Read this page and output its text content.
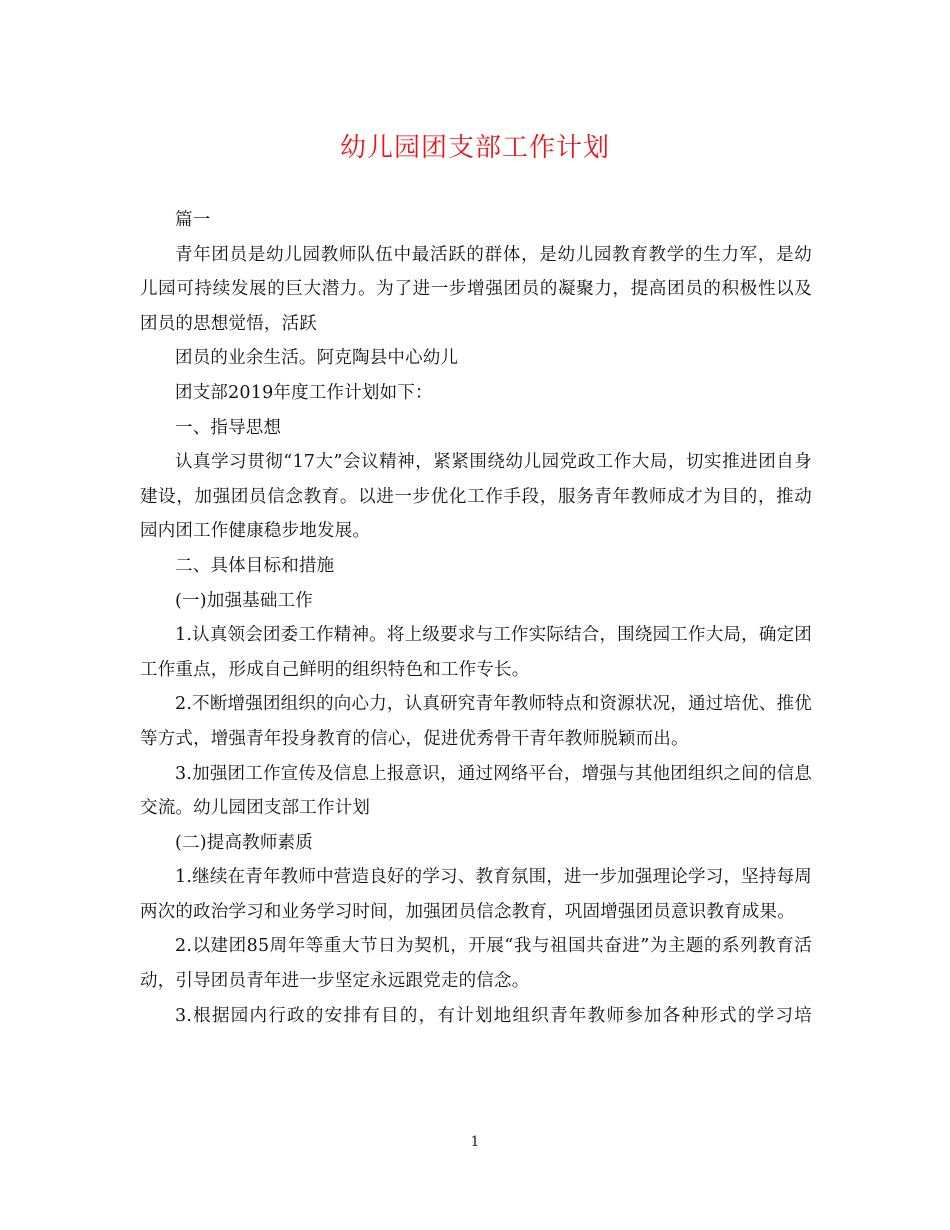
幼儿园团支部工作计划

篇一

青年团员是幼儿园教师队伍中最活跃的群体，是幼儿园教育教学的生力军，是幼儿园可持续发展的巨大潜力。为了进一步增强团员的凝聚力，提高团员的积极性以及团员的思想觉悟，活跃

团员的业余生活。阿克陶县中心幼儿

团支部2019年度工作计划如下：

一、指导思想

认真学习贯彻“17大”会议精神，紧紧围绕幼儿园党政工作大局，切实推进团自身建设，加强团员信念教育。以进一步优化工作手段，服务青年教师成才为目的，推动园内团工作健康稳步地发展。

二、具体目标和措施

(一)加强基础工作

1.认真领会团委工作精神。将上级要求与工作实际结合，围绕园工作大局，确定团工作重点，形成自己鲜明的组织特色和工作专长。

2.不断增强团组织的向心力，认真研究青年教师特点和资源状况，通过培优、推优等方式，增强青年投身教育的信心，促进优秀骨干青年教师脱颖而出。

3.加强团工作宣传及信息上报意识，通过网络平台，增强与其他团组织之间的信息交流。幼儿园团支部工作计划

(二)提高教师素质

1.继续在青年教师中营造良好的学习、教育氛围，进一步加强理论学习，坚持每周两次的政治学习和业务学习时间，加强团员信念教育，巩固增强团员意识教育成果。

2.以建团85周年等重大节日为契机，开展“我与祖国共奋进”为主题的系列教育活动，引导团员青年进一步坚定永远跟党走的信念。

3.根据园内行政的安排有目的，有计划地组织青年教师参加各种形式的学习培

1
